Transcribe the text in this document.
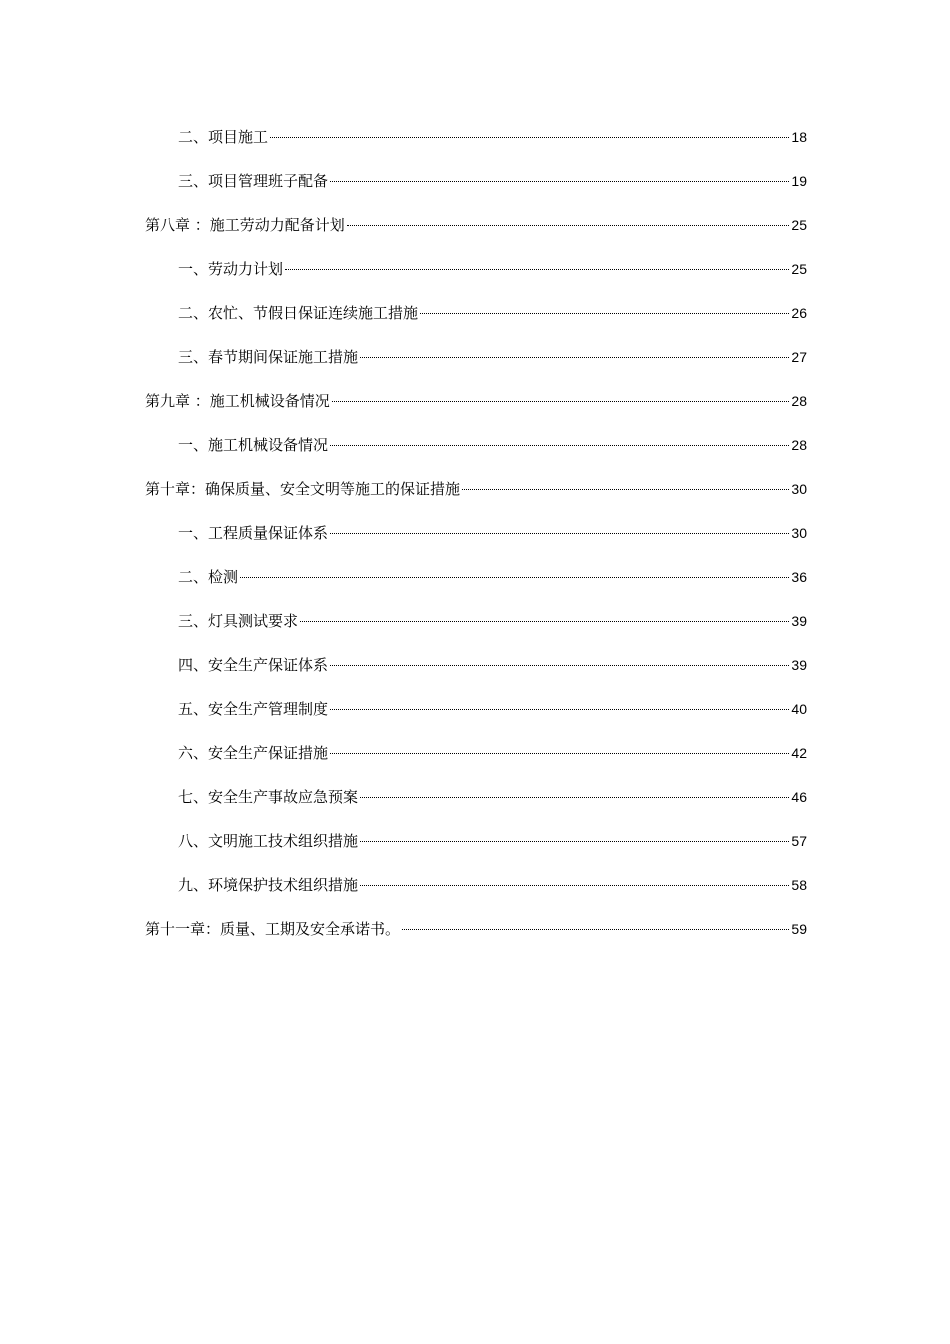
二、项目施工	18
三、项目管理班子配备	19
第八章 ：施工劳动力配备计划	25
一、劳动力计划	25
二、农忙、节假日保证连续施工措施	26
三、春节期间保证施工措施	27
第九章 ：施工机械设备情况	28
一、施工机械设备情况	28
第十章：确保质量、安全文明等施工的保证措施	30
一、工程质量保证体系	30
二、检测	36
三、灯具测试要求	39
四、安全生产保证体系	39
五、安全生产管理制度	40
六、安全生产保证措施	42
七、安全生产事故应急预案	46
八、文明施工技术组织措施	57
九、环境保护技术组织措施	58
第十一章：质量、工期及安全承诺书。	59
